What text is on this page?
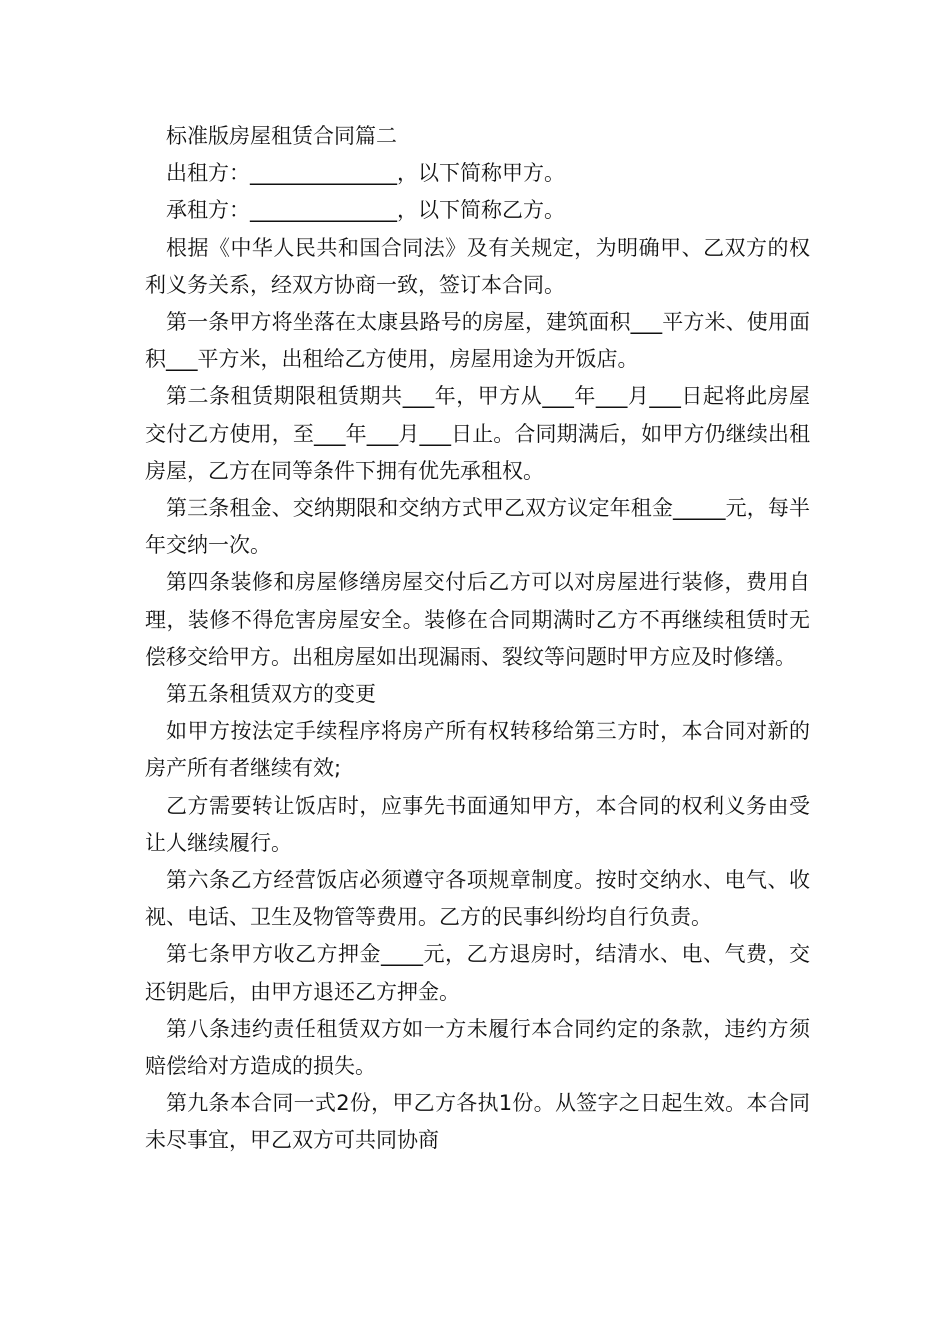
标准版房屋租赁合同篇二

出租方：______________，以下简称甲方。

承租方：______________，以下简称乙方。

根据《中华人民共和国合同法》及有关规定，为明确甲、乙双方的权利义务关系，经双方协商一致，签订本合同。

第一条甲方将坐落在太康县路号的房屋，建筑面积___平方米、使用面积___平方米，出租给乙方使用，房屋用途为开饭店。

第二条租赁期限租赁期共___年，甲方从___年___月___日起将此房屋交付乙方使用，至___年___月___日止。合同期满后，如甲方仍继续出租房屋，乙方在同等条件下拥有优先承租权。

第三条租金、交纳期限和交纳方式甲乙双方议定年租金_____元，每半年交纳一次。

第四条装修和房屋修缮房屋交付后乙方可以对房屋进行装修，费用自理，装修不得危害房屋安全。装修在合同期满时乙方不再继续租赁时无偿移交给甲方。出租房屋如出现漏雨、裂纹等问题时甲方应及时修缮。

第五条租赁双方的变更

如甲方按法定手续程序将房产所有权转移给第三方时，本合同对新的房产所有者继续有效;

乙方需要转让饭店时，应事先书面通知甲方，本合同的权利义务由受让人继续履行。

第六条乙方经营饭店必须遵守各项规章制度。按时交纳水、电气、收视、电话、卫生及物管等费用。乙方的民事纠纷均自行负责。

第七条甲方收乙方押金____元，乙方退房时，结清水、电、气费，交还钥匙后，由甲方退还乙方押金。

第八条违约责任租赁双方如一方未履行本合同约定的条款，违约方须赔偿给对方造成的损失。

第九条本合同一式2份，甲乙方各执1份。从签字之日起生效。本合同未尽事宜，甲乙双方可共同协商
